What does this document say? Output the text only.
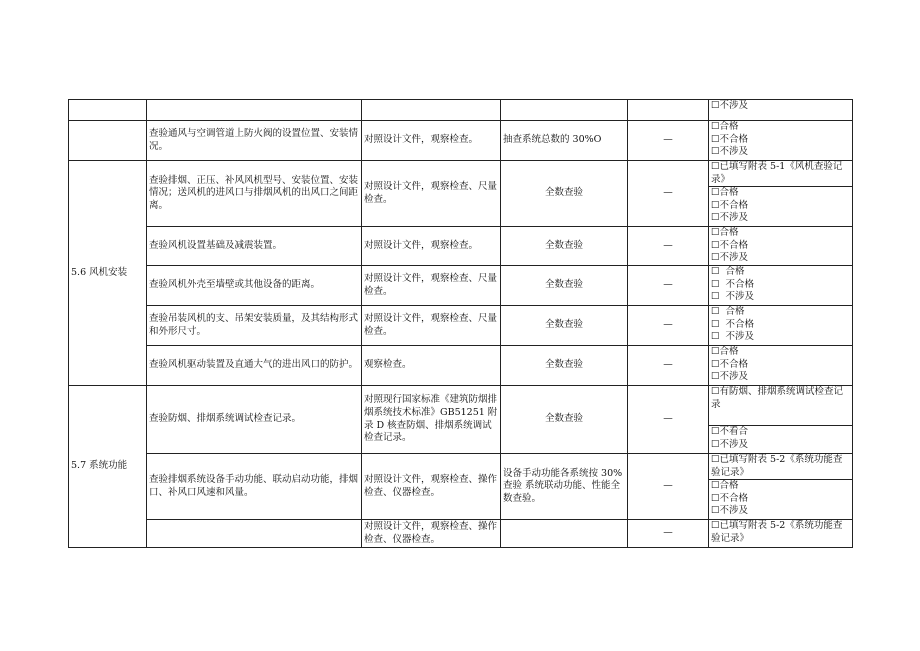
					☐不涉及

	查验通风与空调管道上防火阀的设置位置、安装情况。	对照设计文件，观察检查。	抽查系统总数的 30%O	—	☐合格
☐不合格
☐不涉及

5.6 风机安装	查验排烟、正压、补风风机型号、安装位置、安装情况；送风机的进风口与排烟风机的出风口之间距离。	对照设计文件，观察检查、尺量检查。	全数查验	—	☐已填写附表 5-1《风机查验记录》
☐合格
☐不合格
☐不涉及

	查验风机设置基础及减震装置。	对照设计文件，观察检查。	全数查验	—	☐合格
☐不合格
☐不涉及

	查验风机外壳至墙壁或其他设备的距离。	对照设计文件，观察检查、尺量检查。	全数查验	—	☐  合格
☐  不合格
☐  不涉及

	查验吊装风机的支、吊架安装质量，及其结构形式和外形尺寸。	对照设计文件，观察检查、尺量检查。	全数查验	—	☐  合格
☐  不合格
☐  不涉及

	查验风机驱动装置及直通大气的进出风口的防护。	观察检查。	全数查验	—	☐合格
☐不合格
☐不涉及

5.7 系统功能	查验防烟、排烟系统调试检查记录。	对照现行国家标准《建筑防烟排烟系统技术标准》GB51251 附录 D 核查防烟、排烟系统调试检查记录。	全数查验	—	☐有防烟、排烟系统调试检查记录
☐不看合
☐不涉及

	查验排烟系统设备手动功能、联动启动功能，排烟口、补风口风速和风量。	对照设计文件，观察检查、操作检查、仪器检查。	设备手动功能各系统按 30%查验 系统联动功能、性能全数查验。	—	☐已填写附表 5-2《系统功能查验记录》
☐合格
☐不合格
☐不涉及

		对照设计文件，观察检查、操作检查、仪器检查。		—	☐已填写附表 5-2《系统功能查验记录》
